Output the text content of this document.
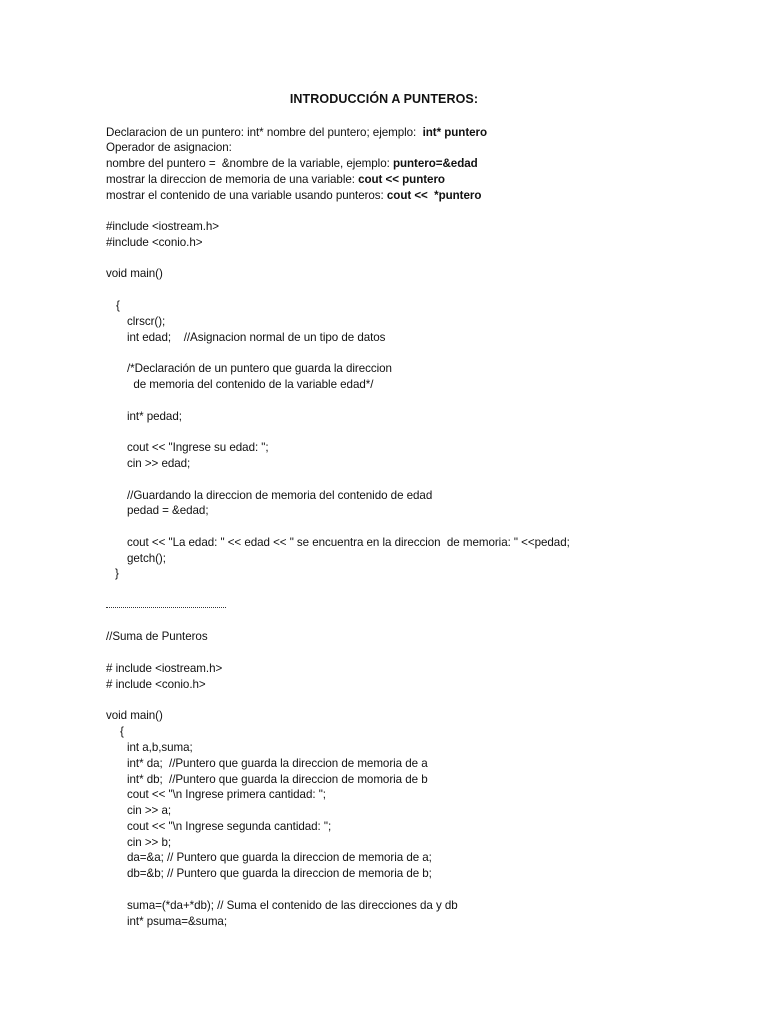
INTRODUCCIÓN A PUNTEROS:
Declaracion de un puntero: int* nombre del puntero; ejemplo:  int* puntero
Operador de asignacion:
nombre del puntero =  &nombre de la variable, ejemplo: puntero=&edad
mostrar la direccion de memoria de una variable: cout << puntero
mostrar el contenido de una variable usando punteros: cout <<  *puntero
#include <iostream.h>
#include <conio.h>
void main()
{
clrscr();
int edad;    //Asignacion normal de un tipo de datos
/*Declaración de un puntero que guarda la direccion
de memoria del contenido de la variable edad*/
int* pedad;
cout << "Ingrese su edad: ";
cin >> edad;
//Guardando la direccion de memoria del contenido de edad
pedad = &edad;
cout << "La edad: " << edad << " se encuentra en la direccion  de memoria: " <<pedad;
getch();
}
//Suma de Punteros
# include <iostream.h>
# include <conio.h>
void main()
{
int a,b,suma;
int* da;  //Puntero que guarda la direccion de memoria de a
int* db;  //Puntero que guarda la direccion de momoria de b
cout << "\n Ingrese primera cantidad: ";
cin >> a;
cout << "\n Ingrese segunda cantidad: ";
cin >> b;
da=&a; // Puntero que guarda la direccion de memoria de a;
db=&b; // Puntero que guarda la direccion de memoria de b;
suma=(*da+*db); // Suma el contenido de las direcciones da y db
int* psuma=&suma;
